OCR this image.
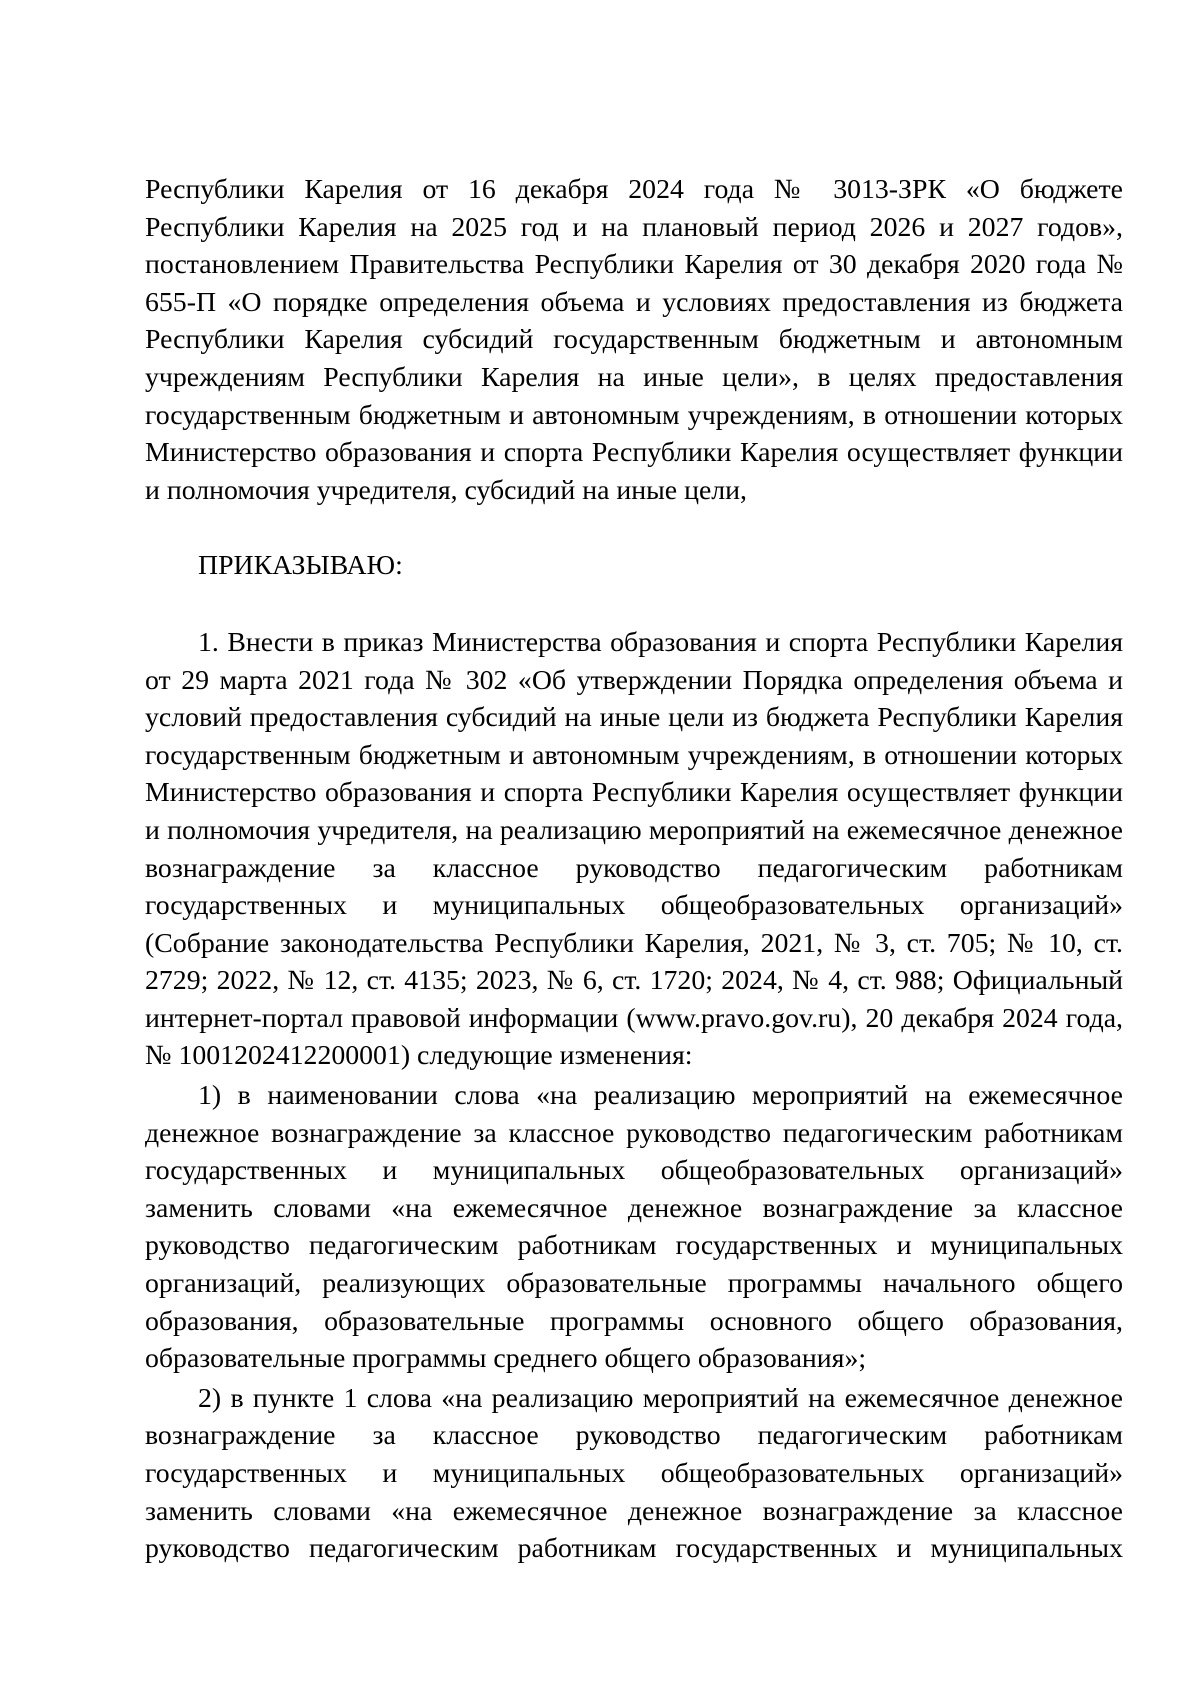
Республики Карелия от 16 декабря 2024 года № 3013-ЗРК «О бюджете Республики Карелия на 2025 год и на плановый период 2026 и 2027 годов», постановлением Правительства Республики Карелия от 30 декабря 2020 года № 655-П «О порядке определения объема и условиях предоставления из бюджета Республики Карелия субсидий государственным бюджетным и автономным учреждениям Республики Карелия на иные цели», в целях предоставления государственным бюджетным и автономным учреждениям, в отношении которых Министерство образования и спорта Республики Карелия осуществляет функции и полномочия учредителя, субсидий на иные цели,

ПРИКАЗЫВАЮ:

1. Внести в приказ Министерства образования и спорта Республики Карелия от 29 марта 2021 года № 302 «Об утверждении Порядка определения объема и условий предоставления субсидий на иные цели из бюджета Республики Карелия государственным бюджетным и автономным учреждениям, в отношении которых Министерство образования и спорта Республики Карелия осуществляет функции и полномочия учредителя, на реализацию мероприятий на ежемесячное денежное вознаграждение за классное руководство педагогическим работникам государственных и муниципальных общеобразовательных организаций» (Собрание законодательства Республики Карелия, 2021, № 3, ст. 705; № 10, ст. 2729; 2022, № 12, ст. 4135; 2023, № 6, ст. 1720; 2024, № 4, ст. 988; Официальный интернет-портал правовой информации (www.pravo.gov.ru), 20 декабря 2024 года, № 1001202412200001) следующие изменения:

1) в наименовании слова «на реализацию мероприятий на ежемесячное денежное вознаграждение за классное руководство педагогическим работникам государственных и муниципальных общеобразовательных организаций» заменить словами «на ежемесячное денежное вознаграждение за классное руководство педагогическим работникам государственных и муниципальных организаций, реализующих образовательные программы начального общего образования, образовательные программы основного общего образования, образовательные программы среднего общего образования»;

2) в пункте 1 слова «на реализацию мероприятий на ежемесячное денежное вознаграждение за классное руководство педагогическим работникам государственных и муниципальных общеобразовательных организаций» заменить словами «на ежемесячное денежное вознаграждение за классное руководство педагогическим работникам государственных и муниципальных
